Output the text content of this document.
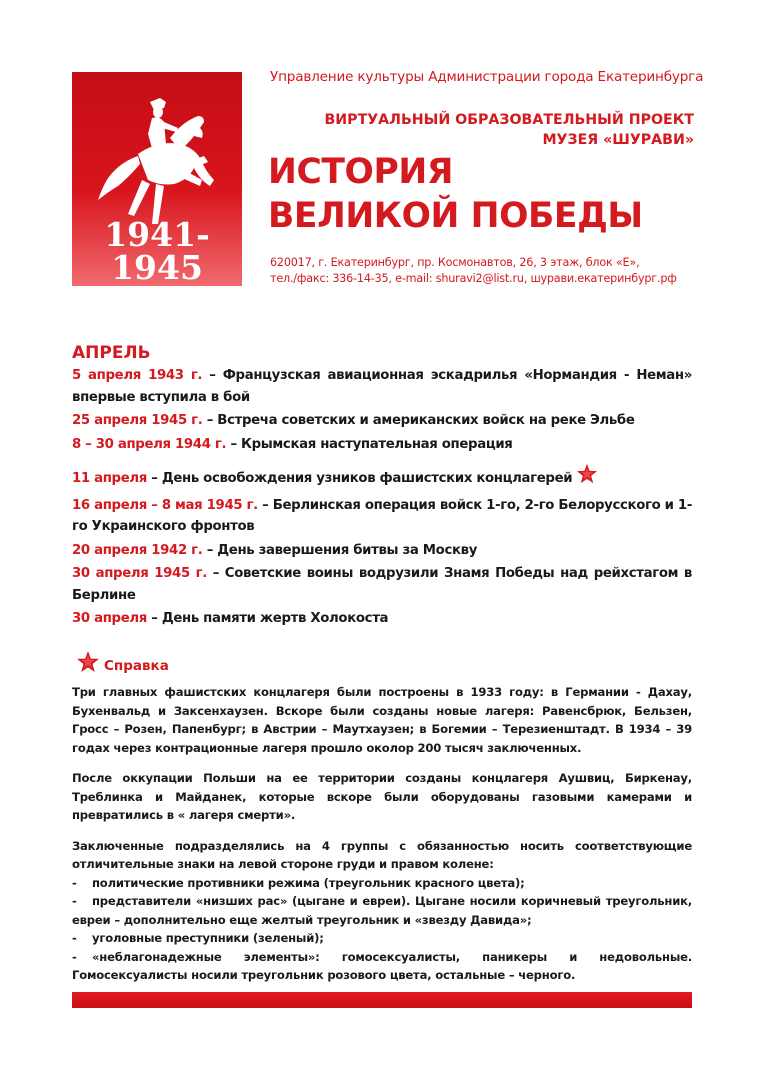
1941-1945
Управление культуры Администрации города Екатеринбурга
ВИРТУАЛЬНЫЙ ОБРАЗОВАТЕЛЬНЫЙ ПРОЕКТ
МУЗЕЯ «ШУРАВИ»
ИСТОРИЯ
ВЕЛИКОЙ ПОБЕДЫ
620017, г. Екатеринбург, пр. Космонавтов, 26, 3 этаж, блок «Е»,
тел./факс: 336-14-35, e-mail: shuravi2@list.ru, шурави.екатеринбург.рф
АПРЕЛЬ
5 апреля 1943 г. – Французская авиационная эскадрилья «Нормандия - Неман» впервые вступила в бой
25 апреля 1945 г. – Встреча советских и американских войск на реке Эльбе
8 – 30 апреля 1944 г. – Крымская наступательная операция
11 апреля – День освобождения узников фашистских концлагерей
16 апреля – 8 мая 1945 г. – Берлинская операция войск 1-го, 2-го Белорусского и 1-го Украинского фронтов
20 апреля 1942 г. – День завершения битвы за Москву
30 апреля 1945 г. – Советские воины водрузили Знамя Победы над рейхстагом в Берлине
30 апреля – День памяти жертв Холокоста
Справка

Три главных фашистских концлагеря были построены в 1933 году: в Германии - Дахау, Бухенвальд и Заксенхаузен. Вскоре были созданы новые лагеря: Равенсбрюк, Бельзен, Гросс – Розен, Папенбург; в Австрии – Маутхаузен; в Богемии – Терезиенштадт. В 1934 – 39 годах через контрационные лагеря прошло околор 200 тысяч заключенных.

После оккупации Польши на ее территории созданы концлагеря Аушвиц, Биркенау, Треблинка и Майданек, которые вскоре были оборудованы газовыми камерами и превратились в « лагеря смерти».

Заключенные подразделялись на 4 группы с обязанностью носить соответствующие отличительные знаки на левой стороне груди и правом колене:

- политические противники режима (треугольник красного цвета);
- представители «низших рас» (цыгане и евреи). Цыгане носили коричневый треугольник, евреи – дополнительно еще желтый треугольник и «звезду Давида»;
- уголовные преступники (зеленый);
- «неблагонадежные элементы»: гомосексуалисты, паникеры и недовольные. Гомосексуалисты носили треугольник розового цвета, остальные – черного.
